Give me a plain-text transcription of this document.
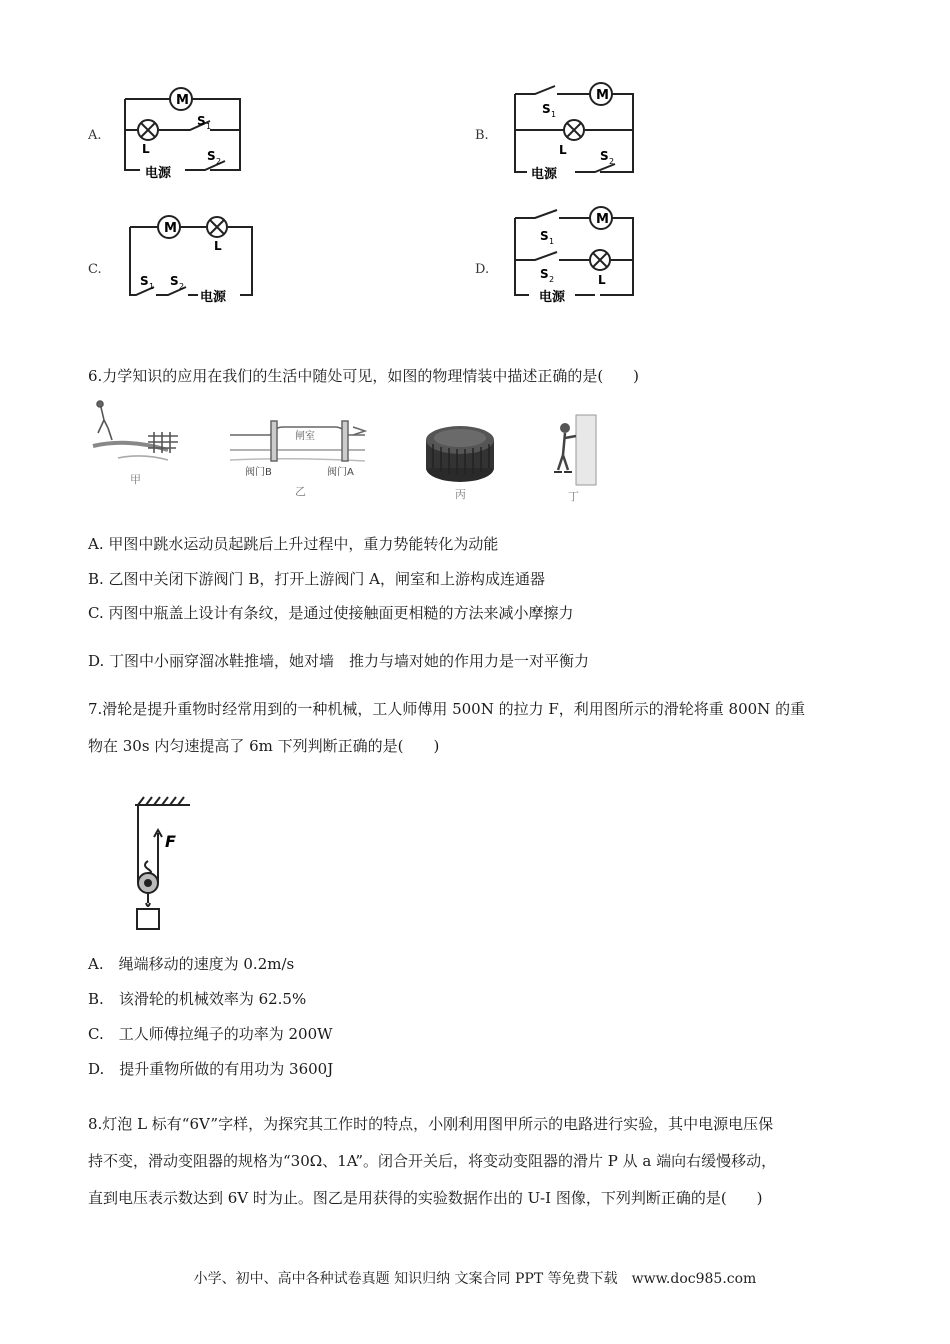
A.
M
L
S 1
S 2
电源
B.
M
L
S 1
S 2
电源
C.
M
L
S 1 S 2
电源
D.
M
L
S 1
S 2
电源
6.力学知识的应用在我们的生活中随处可见，如图的物理情装中描述正确的是(　　)
甲
闸室
阀门B	阀门A
乙	丙	丁
A. 甲图中跳水运动员起跳后上升过程中，重力势能转化为动能
B. 乙图中关闭下游阀门 B，打开上游阀门 A，闸室和上游构成连通器
C. 丙图中瓶盖上设计有条纹，是通过使接触面更相糙的方法来减小摩擦力
D. 丁图中小丽穿溜冰鞋推墙，她对墙　推力与墙对她的作用力是一对平衡力
7.滑轮是提升重物时经常用到的一种机械，工人师傅用 500N 的拉力 F，利用图所示的滑轮将重 800N 的重
物在 30s 内匀速提高了 6m 下列判断正确的是(　　)
F
A.　 绳端移动的速度为 0.2m/s
B.　 该滑轮的机械效率为 62.5%
C.　 工人师傅拉绳子的功率为 200W
D.　 提升重物所做的有用功为 3600J
8.灯泡 L 标有“6V”字样，为探究其工作时的特点，小刚利用图甲所示的电路进行实验，其中电源电压保
持不变，滑动变阻器的规格为“30Ω、1A”。闭合开关后，将变动变阻器的滑片 P 从 a 端向右缓慢移动，
直到电压表示数达到 6V 时为止。图乙是用获得的实验数据作出的 U-I 图像，下列判断正确的是(　　)
小学、初中、高中各种试卷真题 知识归纳 文案合同 PPT 等免费下载　www.doc985.com
